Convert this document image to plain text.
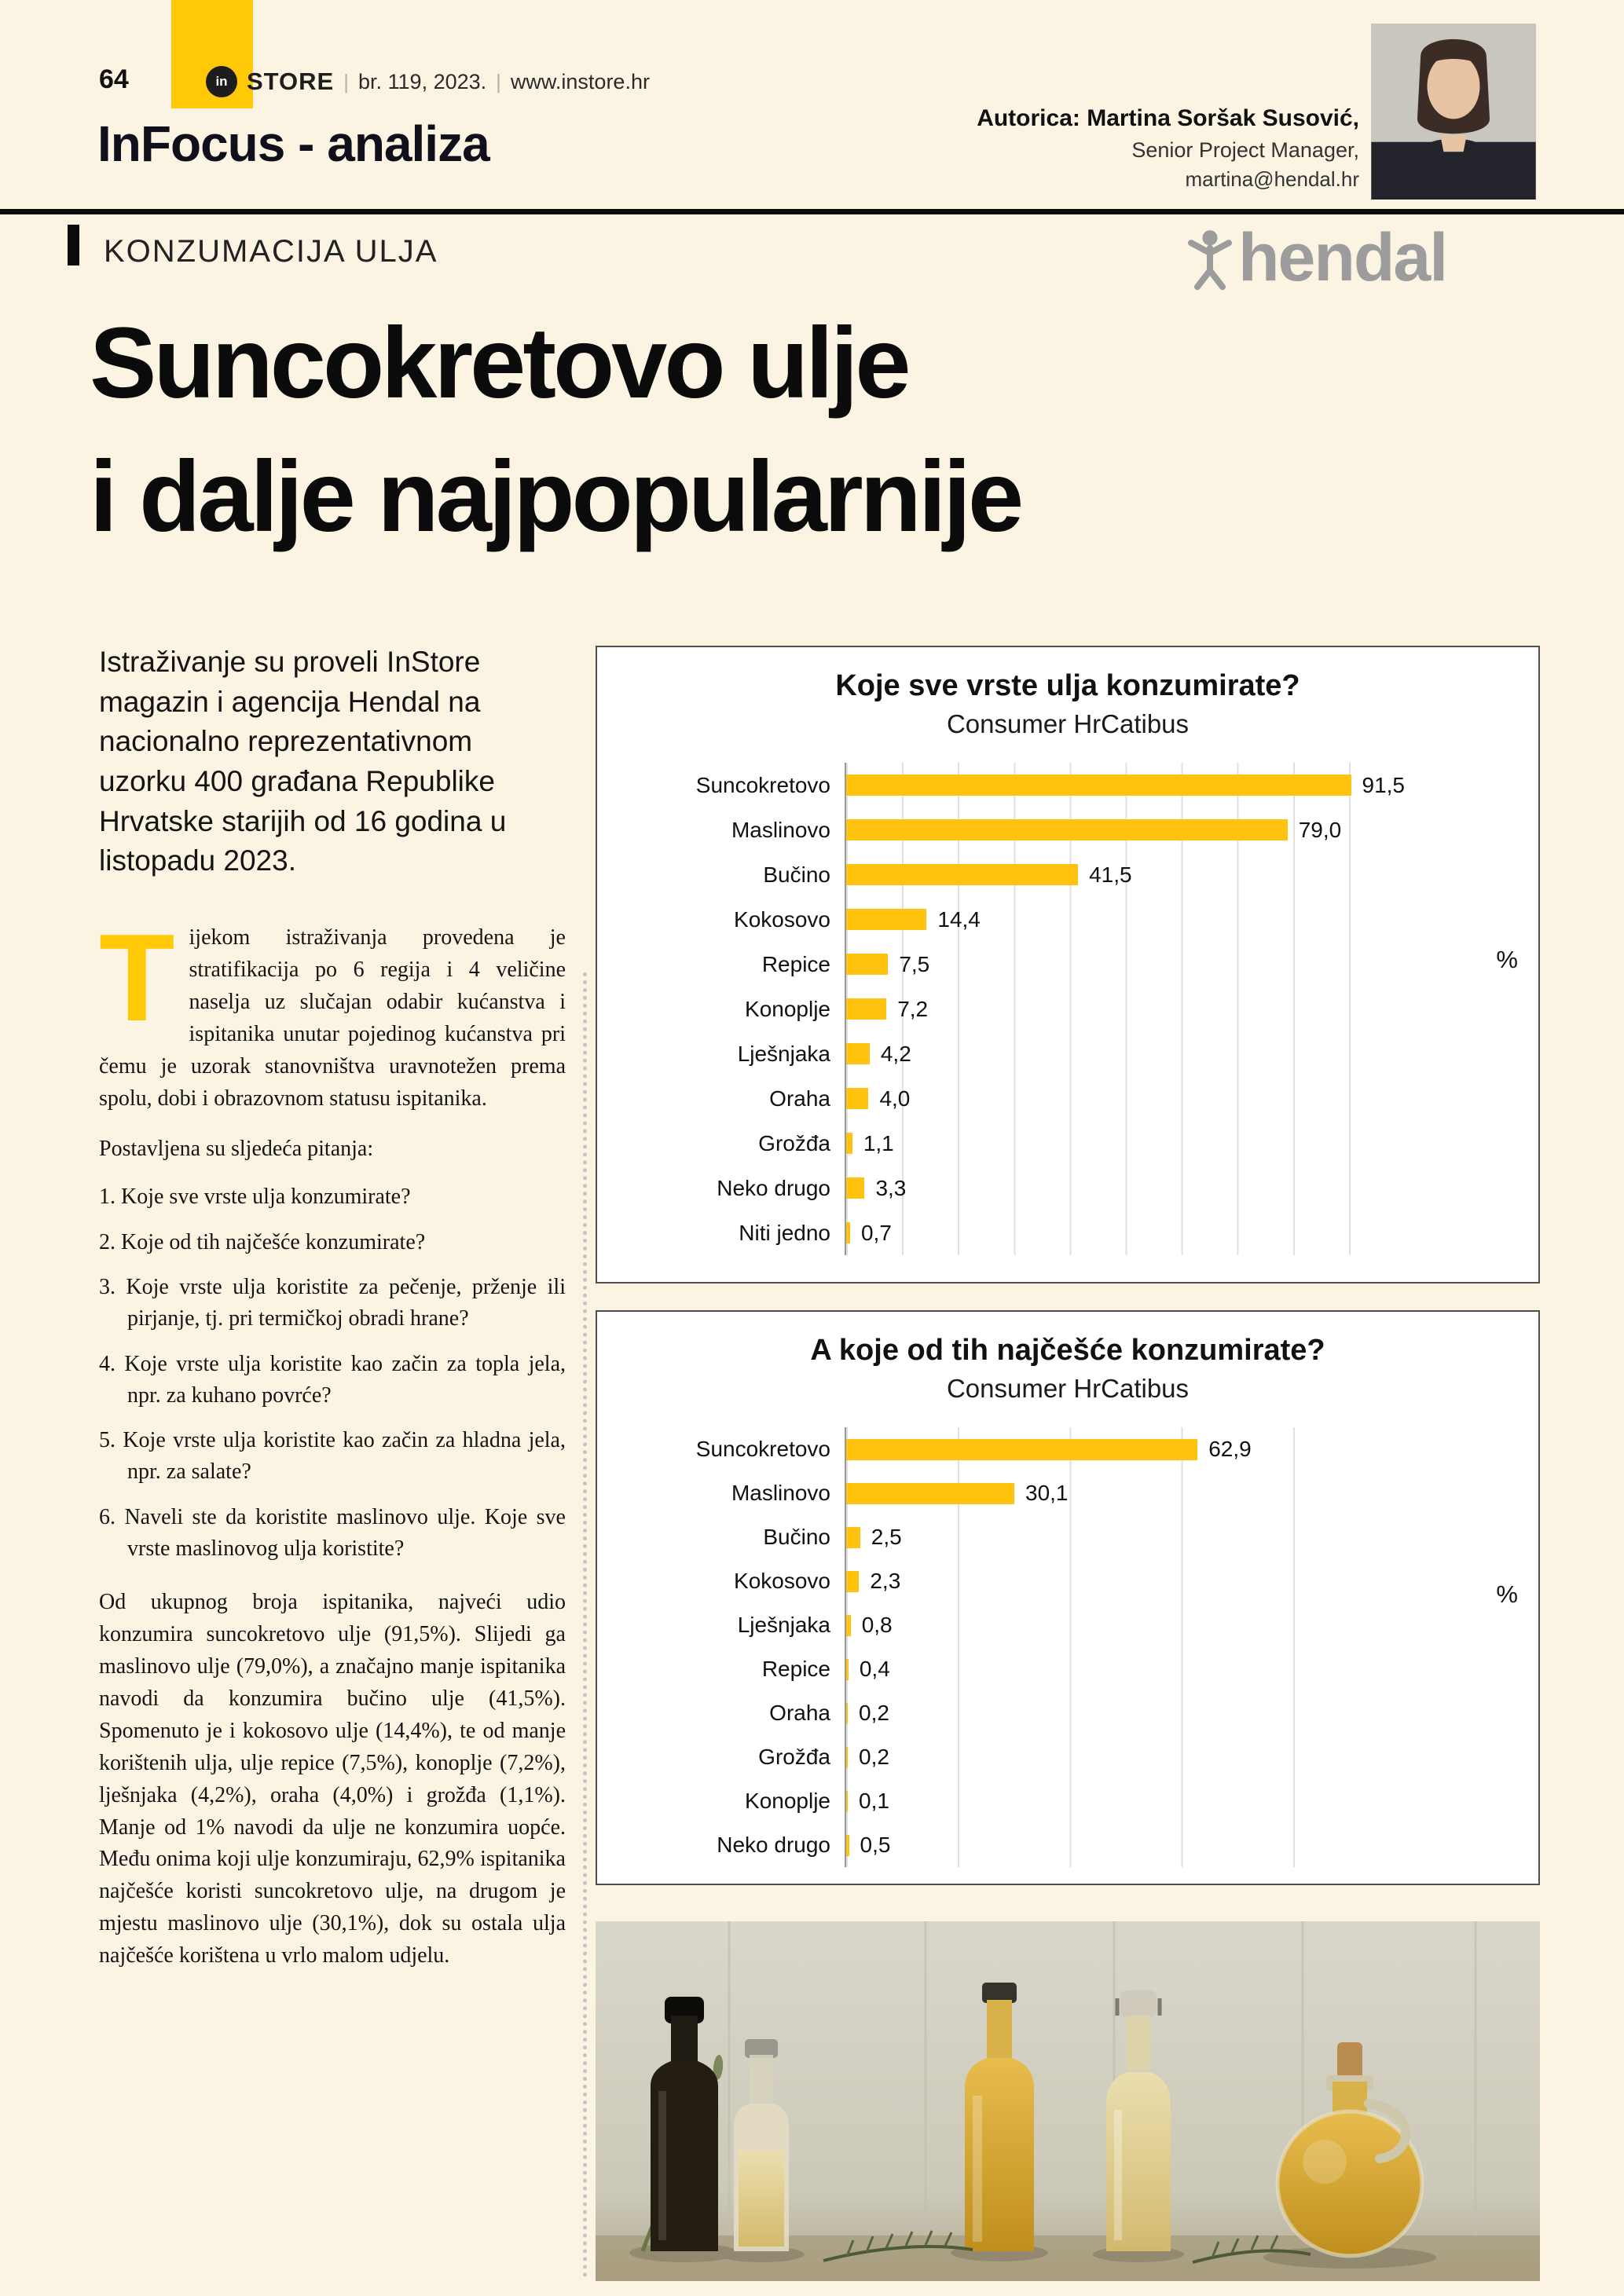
64	in STORE | br. 119, 2023. | www.instore.hr
InFocus - analiza	Autorica: Martina Soršak Susović,
Senior Project Manager,
martina@hendal.hr
KONZUMACIJA ULJA	hendal
Suncokretovo ulje
i dalje najpopularnije

Istraživanje su proveli InStore magazin i agencija Hendal na nacionalno reprezentativnom uzorku 400 građana Republike Hrvatske starijih od 16 godina u listopadu 2023.

Tijekom istraživanja provedena je stratifikacija po 6 regija i 4 veličine naselja uz slučajan odabir kućanstva i ispitanika unutar pojedinog kućanstva pri čemu je uzorak stanovništva uravnotežen prema spolu, dobi i obrazovnom statusu ispitanika.

Postavljena su sljedeća pitanja:

1. Koje sve vrste ulja konzumirate?

2. Koje od tih najčešće konzumirate?

3. Koje vrste ulja koristite za pečenje, prženje ili pirjanje, tj. pri termičkoj obradi hrane?

4. Koje vrste ulja koristite kao začin za topla jela, npr. za kuhano povrće?

5. Koje vrste ulja koristite kao začin za hladna jela, npr. za salate?

6. Naveli ste da koristite maslinovo ulje. Koje sve vrste maslinovog ulja koristite?

Od ukupnog broja ispitanika, najveći udio konzumira suncokretovo ulje (91,5%). Slijedi ga maslinovo ulje (79,0%), a značajno manje ispitanika navodi da konzumira bučino ulje (41,5%). Spomenuto je i kokosovo ulje (14,4%), te od manje korištenih ulja, ulje repice (7,5%), konoplje (7,2%), lješnjaka (4,2%), oraha (4,0%) i grožđa (1,1%). Manje od 1% navodi da ulje ne konzumira uopće. Među onima koji ulje konzumiraju, 62,9% ispitanika najčešće koristi suncokretovo ulje, na drugom je mjestu maslinovo ulje (30,1%), dok su ostala ulja najčešće korištena u vrlo malom udjelu.

Koje sve vrste ulja konzumirate?
Consumer HrCatibus
Suncokretovo	91,5
Maslinovo	79,0
Bučino	41,5
Kokosovo	14,4
Repice	7,5
Konoplje	7,2
Lješnjaka	4,2
Oraha	4,0
Grožđa	1,1
Neko drugo	3,3
Niti jedno	0,7
%
A koje od tih najčešće konzumirate?
Consumer HrCatibus
Suncokretovo	62,9
Maslinovo	30,1
Bučino	2,5
Kokosovo	2,3
Lješnjaka	0,8
Repice	0,4
Oraha	0,2
Grožđa	0,2
Konoplje	0,1
Neko drugo	0,5
%
